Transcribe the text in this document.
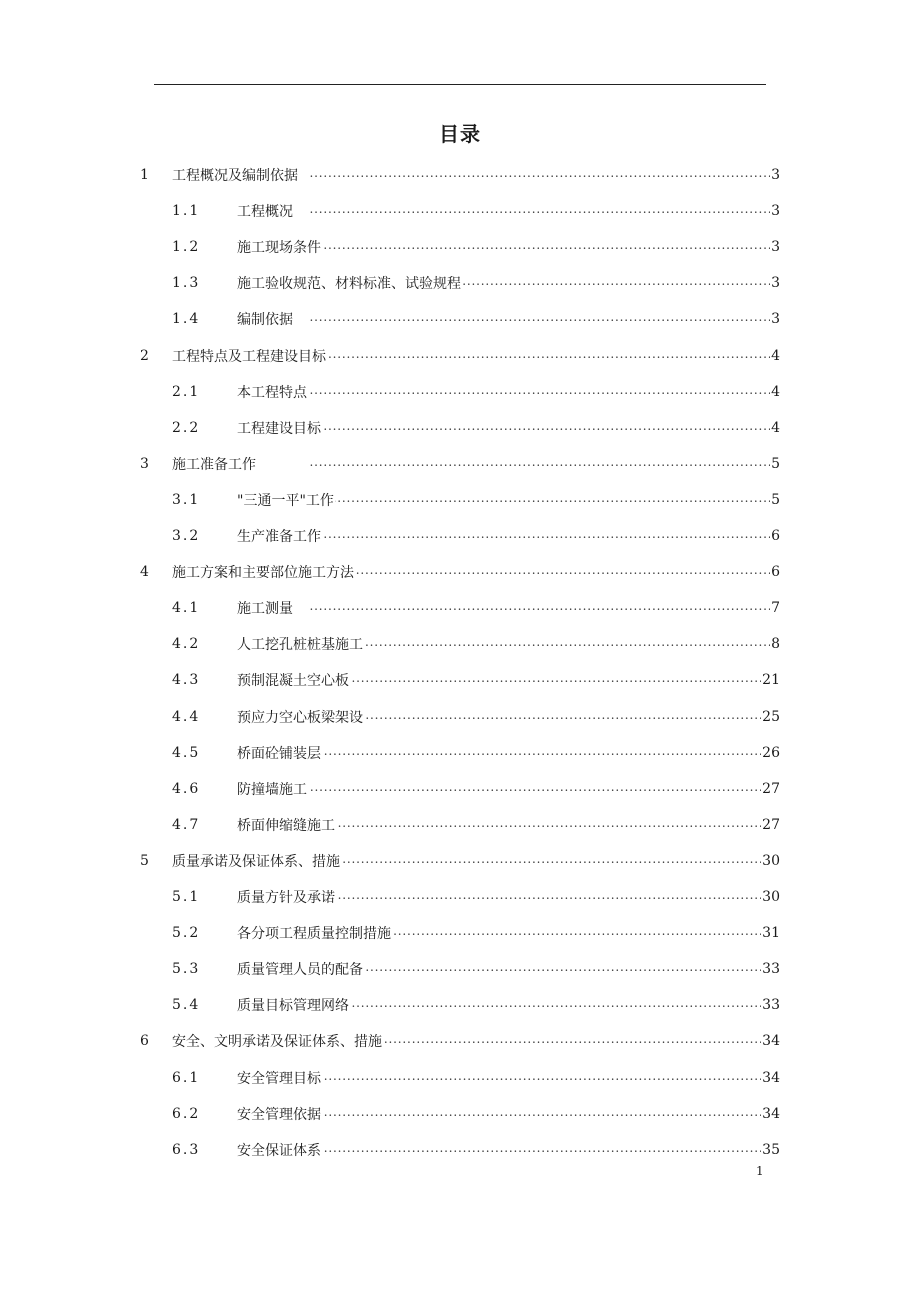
目录
1	工程概况及编制依据 . . .	3
1.1	工程概况 . . .	3
1.2	施工现场条件 . . .	3
1.3	施工验收规范、材料标准、试验规程 . . .	3
1.4	编制依据 . . .	3
2	工程特点及工程建设目标 . . .	4
2.1	本工程特点 . . .	4
2.2	工程建设目标 . . .	4
3	施工准备工作 . . .	5
3.1	"三通一平"工作 . . .	5
3.2	生产准备工作 . . .	6
4	施工方案和主要部位施工方法 . . .	6
4.1	施工测量 . . .	7
4.2	人工挖孔桩桩基施工 . . .	8
4.3	预制混凝土空心板 . . .	21
4.4	预应力空心板梁架设 . . .	25
4.5	桥面砼铺装层 . . .	26
4.6	防撞墙施工 . . .	27
4.7	桥面伸缩缝施工 . . .	27
5	质量承诺及保证体系、措施 . . .	30
5.1	质量方针及承诺 . . .	30
5.2	各分项工程质量控制措施 . . .	31
5.3	质量管理人员的配备 . . .	33
5.4	质量目标管理网络 . . .	33
6	安全、文明承诺及保证体系、措施 . . .	34
6.1	安全管理目标 . . .	34
6.2	安全管理依据 . . .	34
6.3	安全保证体系 . . .	35
1
